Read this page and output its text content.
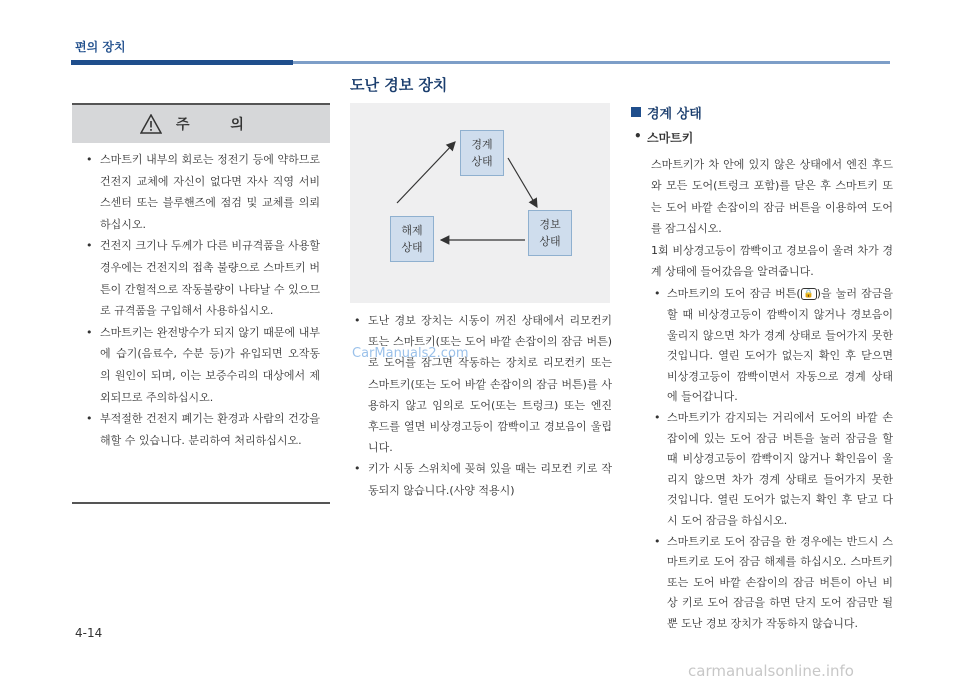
편의 장치
도난 경보 장치
주 의
• 스마트키 내부의 회로는 정전기 등에 약하므로 건전지 교체에 자신이 없다면 자사 직영 서비스센터 또는 블루핸즈에 점검 및 교체를 의뢰하십시오.
• 건전지 크기나 두께가 다른 비규격품을 사용할 경우에는 건전지의 접촉 불량으로 스마트키 버튼이 간헐적으로 작동불량이 나타날 수 있으므로 규격품을 구입해서 사용하십시오.
• 스마트키는 완전방수가 되지 않기 때문에 내부에 습기(음료수, 수분 등)가 유입되면 오작동의 원인이 되며, 이는 보증수리의 대상에서 제외되므로 주의하십시오.
• 부적절한 건전지 폐기는 환경과 사람의 건강을 해할 수 있습니다. 분리하여 처리하십시오.
경계
상태
경보
상태
해제
상태
• 도난 경보 장치는 시동이 꺼진 상태에서 리모컨키 또는 스마트키(또는 도어 바깥 손잡이의 잠금 버튼)로 도어를 잠그면 작동하는 장치로 리모컨키 또는 스마트키(또는 도어 바깥 손잡이의 잠금 버튼)를 사용하지 않고 임의로 도어(또는 트렁크) 또는 엔진 후드를 열면 비상경고등이 깜빡이고 경보음이 울립니다.
• 키가 시동 스위치에 꽂혀 있을 때는 리모컨 키로 작동되지 않습니다.(사양 적용시)
경계 상태
• 스마트키
스마트키가 차 안에 있지 않은 상태에서 엔진 후드와 모든 도어(트렁크 포함)를 닫은 후 스마트키 또는 도어 바깥 손잡이의 잠금 버튼을 이용하여 도어를 잠그십시오.
1회 비상경고등이 깜빡이고 경보음이 울려 차가 경계 상태에 들어갔음을 알려줍니다.
• 스마트키의 도어 잠금 버튼( 🔒 )을 눌러 잠금을 할 때 비상경고등이 깜빡이지 않거나 경보음이 울리지 않으면 차가 경계 상태로 들어가지 못한 것입니다. 열린 도어가 없는지 확인 후 닫으면 비상경고등이 깜빡이면서 자동으로 경계 상태에 들어갑니다.
• 스마트키가 감지되는 거리에서 도어의 바깥 손잡이에 있는 도어 잠금 버튼을 눌러 잠금을 할 때 비상경고등이 깜빡이지 않거나 확인음이 울리지 않으면 차가 경계 상태로 들어가지 못한 것입니다. 열린 도어가 없는지 확인 후 닫고 다시 도어 잠금을 하십시오.
• 스마트키로 도어 잠금을 한 경우에는 반드시 스마트키로 도어 잠금 해제를 하십시오. 스마트키 또는 도어 바깥 손잡이의 잠금 버튼이 아닌 비상 키로 도어 잠금을 하면 단지 도어 잠금만 될 뿐 도난 경보 장치가 작동하지 않습니다.
4-14
CarManuals2.com
carmanualsonline.info
